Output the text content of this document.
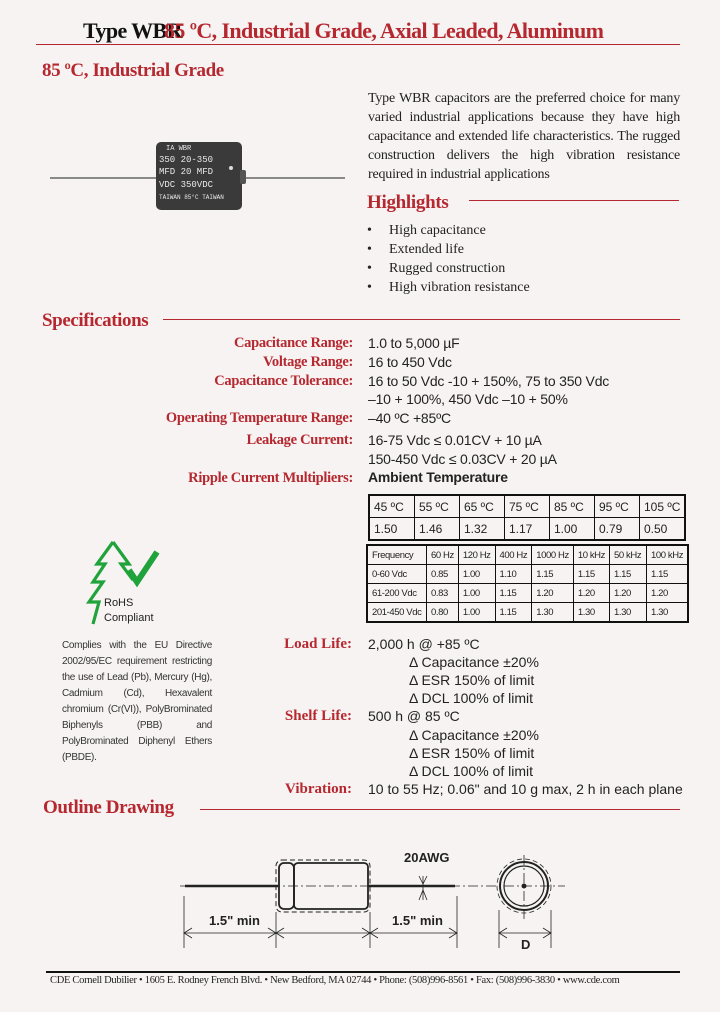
Type WBR
85 ºC, Industrial Grade, Axial Leaded, Aluminum
85 ºC, Industrial Grade
IA WBR
350 20-350
MFD 20 MFD
VDC 350VDC
TAIWAN 85°C TAIWAN
Type WBR capacitors are the preferred choice for many varied industrial applications because they have high capacitance and extended life characteristics. The rugged construction delivers the high vibration resistance required in industrial applications
Highlights
•	High capacitance
•	Extended life
•	Rugged construction
•	High vibration resistance
Specifications
Capacitance Range: 1.0 to 5,000 µF
Voltage Range: 16 to 450 Vdc
Capacitance Tolerance: 16 to 50 Vdc -10 + 150%, 75 to 350 Vdc
–10 + 100%, 450 Vdc –10 + 50%
Operating Temperature Range: –40 ºC +85ºC
Leakage Current: 16-75 Vdc ≤ 0.01CV + 10 µA
150-450 Vdc ≤ 0.03CV + 20 µA
Ripple Current Multipliers: Ambient Temperature
45 ºC	55 ºC	65 ºC	75 ºC	85 ºC	95 ºC	105 ºC
1.50	1.46	1.32	1.17	1.00	0.79	0.50
Frequency	60 Hz	120 Hz	400 Hz	1000 Hz	10 kHz	50 kHz	100 kHz
0-60 Vdc	0.85	1.00	1.10	1.15	1.15	1.15	1.15
61-200 Vdc	0.83	1.00	1.15	1.20	1.20	1.20	1.20
201-450 Vdc	0.80	1.00	1.15	1.30	1.30	1.30	1.30
RoHS
Compliant
Complies with the EU Directive 2002/95/EC requirement restricting the use of Lead (Pb), Mercury (Hg), Cadmium (Cd), Hexavalent chromium (Cr(VI)), PolyBrominated Biphenyls (PBB) and PolyBrominated Diphenyl Ethers (PBDE).
Load Life: 2,000 h @ +85 ºC
Δ Capacitance ±20%
Δ ESR 150% of limit
Δ DCL 100% of limit
Shelf Life: 500 h @ 85 ºC
Δ Capacitance ±20%
Δ ESR 150% of limit
Δ DCL 100% of limit
Vibration: 10 to 55 Hz; 0.06" and 10 g max, 2 h in each plane
Outline Drawing
20AWG
1.5" min	1.5" min
D
CDE Cornell Dubilier • 1605 E. Rodney French Blvd. • New Bedford, MA 02744 • Phone: (508)996-8561 • Fax: (508)996-3830 • www.cde.com
